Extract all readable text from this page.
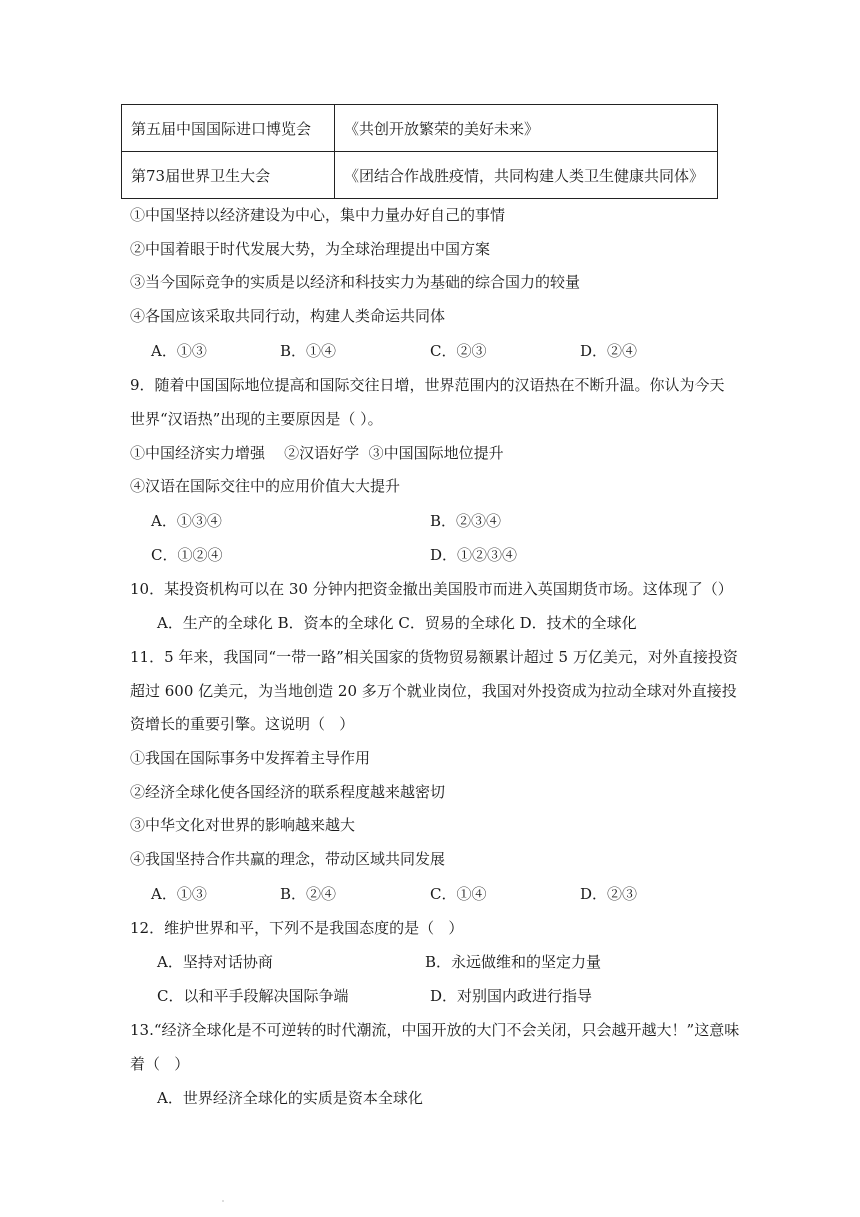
第五届中国国际进口博览会	《共创开放繁荣的美好未来》
第73届世界卫生大会	《团结合作战胜疫情，共同构建人类卫生健康共同体》
①中国坚持以经济建设为中心，集中力量办好自己的事情
②中国着眼于时代发展大势，为全球治理提出中国方案
③当今国际竞争的实质是以经济和科技实力为基础的综合国力的较量
④各国应该采取共同行动，构建人类命运共同体
A．①③	B．①④	C．②③	D．②④
9．随着中国国际地位提高和国际交往日增，世界范围内的汉语热在不断升温。你认为今天
世界“汉语热”出现的主要原因是（ ）。
①中国经济实力增强    ②汉语好学  ③中国国际地位提升
④汉语在国际交往中的应用价值大大提升
A．①③④	B．②③④
C．①②④	D．①②③④
10．某投资机构可以在 30 分钟内把资金撤出美国股市而进入英国期货市场。这体现了（）
A．生产的全球化 B．资本的全球化 C．贸易的全球化 D．技术的全球化
11．5 年来，我国同“一带一路”相关国家的货物贸易额累计超过 5 万亿美元，对外直接投资
超过 600 亿美元，为当地创造 20 多万个就业岗位，我国对外投资成为拉动全球对外直接投
资增长的重要引擎。这说明（   ）
①我国在国际事务中发挥着主导作用
②经济全球化使各国经济的联系程度越来越密切
③中华文化对世界的影响越来越大
④我国坚持合作共赢的理念，带动区域共同发展
A．①③	B．②④	C．①④	D．②③
12．维护世界和平，下列不是我国态度的是（   ）
A．坚持对话协商	B．永远做维和的坚定力量
C．以和平手段解决国际争端	D．对别国内政进行指导
13.“经济全球化是不可逆转的时代潮流，中国开放的大门不会关闭，只会越开越大！”这意味
着（   ）
A．世界经济全球化的实质是资本全球化
